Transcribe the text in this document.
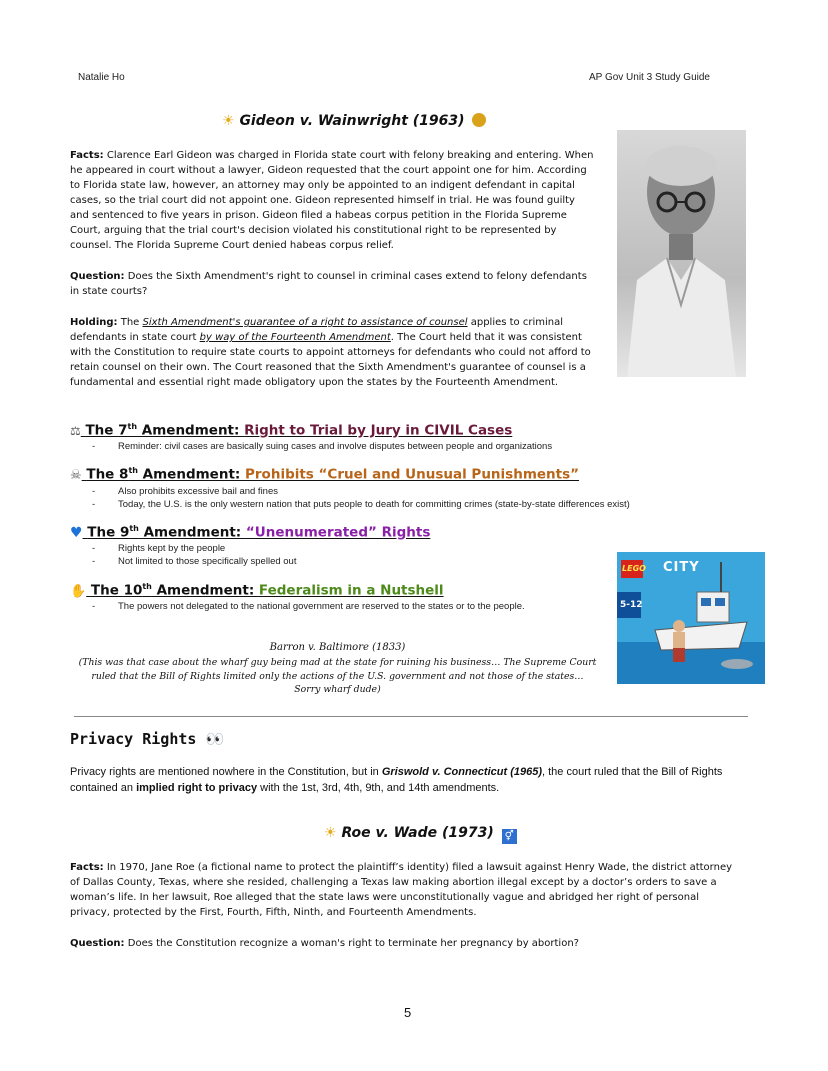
Natalie Ho	AP Gov Unit 3 Study Guide
☀ Gideon v. Wainwright (1963)
Facts: Clarence Earl Gideon was charged in Florida state court with felony breaking and entering. When he appeared in court without a lawyer, Gideon requested that the court appoint one for him. According to Florida state law, however, an attorney may only be appointed to an indigent defendant in capital cases, so the trial court did not appoint one. Gideon represented himself in trial. He was found guilty and sentenced to five years in prison. Gideon filed a habeas corpus petition in the Florida Supreme Court, arguing that the trial court's decision violated his constitutional right to be represented by counsel. The Florida Supreme Court denied habeas corpus relief.
Question: Does the Sixth Amendment's right to counsel in criminal cases extend to felony defendants in state courts?
Holding: The Sixth Amendment's guarantee of a right to assistance of counsel applies to criminal defendants in state court by way of the Fourteenth Amendment. The Court held that it was consistent with the Constitution to require state courts to appoint attorneys for defendants who could not afford to retain counsel on their own. The Court reasoned that the Sixth Amendment's guarantee of counsel is a fundamental and essential right made obligatory upon the states by the Fourteenth Amendment.
⚖ The 7th Amendment: Right to Trial by Jury in CIVIL Cases
- Reminder: civil cases are basically suing cases and involve disputes between people and organizations
☠ The 8th Amendment: Prohibits “Cruel and Unusual Punishments”
- Also prohibits excessive bail and fines
- Today, the U.S. is the only western nation that puts people to death for committing crimes (state-by-state differences exist)
♥ The 9th Amendment: “Unenumerated” Rights
- Rights kept by the people
- Not limited to those specifically spelled out
✋ The 10th Amendment: Federalism in a Nutshell
- The powers not delegated to the national government are reserved to the states or to the people.
LEGO CITY
5-12
Barron v. Baltimore (1833)
(This was that case about the wharf guy being mad at the state for ruining his business… The Supreme Court ruled that the Bill of Rights limited only the actions of the U.S. government and not those of the states… Sorry wharf dude)
Privacy Rights 👀
Privacy rights are mentioned nowhere in the Constitution, but in Griswold v. Connecticut (1965), the court ruled that the Bill of Rights contained an implied right to privacy with the 1st, 3rd, 4th, 9th, and 14th amendments.
☀ Roe v. Wade (1973) ⚥
Facts: In 1970, Jane Roe (a fictional name to protect the plaintiff’s identity) filed a lawsuit against Henry Wade, the district attorney of Dallas County, Texas, where she resided, challenging a Texas law making abortion illegal except by a doctor’s orders to save a woman’s life. In her lawsuit, Roe alleged that the state laws were unconstitutionally vague and abridged her right of personal privacy, protected by the First, Fourth, Fifth, Ninth, and Fourteenth Amendments.
Question: Does the Constitution recognize a woman's right to terminate her pregnancy by abortion?
5
